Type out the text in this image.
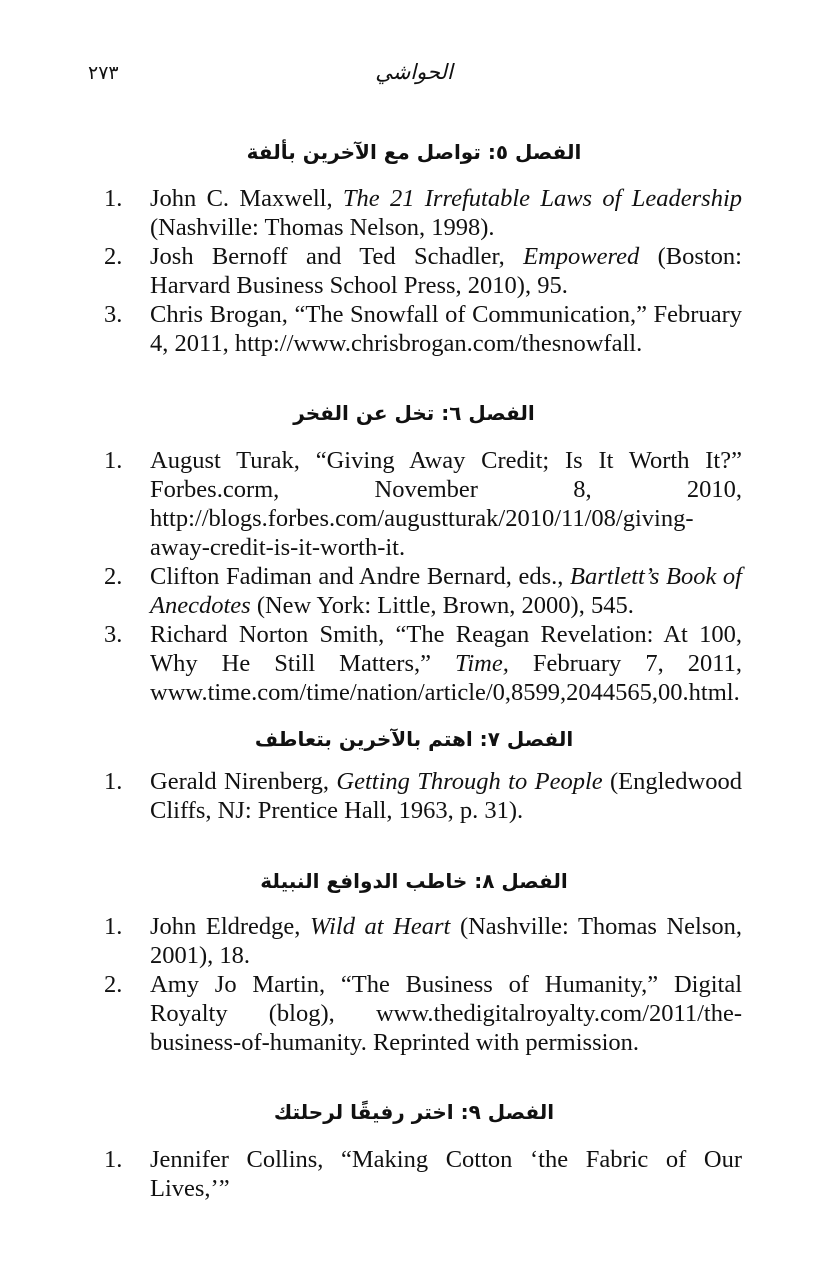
٢٧٣	الحواشي
الفصل ٥: تواصل مع الآخرين بألفة
1. John C. Maxwell, The 21 Irrefutable Laws of Leadership (Nashville: Thomas Nelson, 1998).
2. Josh Bernoff and Ted Schadler, Empowered (Boston: Harvard Business School Press, 2010), 95.
3. Chris Brogan, “The Snowfall of Communication,” February 4, 2011, http://www.chrisbrogan.com/thesnowfall.
الفصل ٦: تخل عن الفخر
1. August Turak, “Giving Away Credit; Is It Worth It?” Forbes.corm, November 8, 2010, http://blogs.forbes.com/augustturak/2010/11/08/giving-away-credit-is-it-worth-it.
2. Clifton Fadiman and Andre Bernard, eds., Bartlett’s Book of Anecdotes (New York: Little, Brown, 2000), 545.
3. Richard Norton Smith, “The Reagan Revelation: At 100, Why He Still Matters,” Time, February 7, 2011, www.time.com/time/nation/article/0,8599,2044565,00.html.
الفصل ٧: اهتم بالآخرين بتعاطف
1. Gerald Nirenberg, Getting Through to People (Engledwood Cliffs, NJ: Prentice Hall, 1963, p. 31).
الفصل ٨: خاطب الدوافع النبيلة
1. John Eldredge, Wild at Heart (Nashville: Thomas Nelson, 2001), 18.
2. Amy Jo Martin, “The Business of Humanity,” Digital Royalty (blog), www.thedigitalroyalty.com/2011/the-business-of-humanity. Reprinted with permission.
الفصل ٩: اختر رفيقًا لرحلتك
1. Jennifer Collins, “Making Cotton ‘the Fabric of Our Lives,’”
